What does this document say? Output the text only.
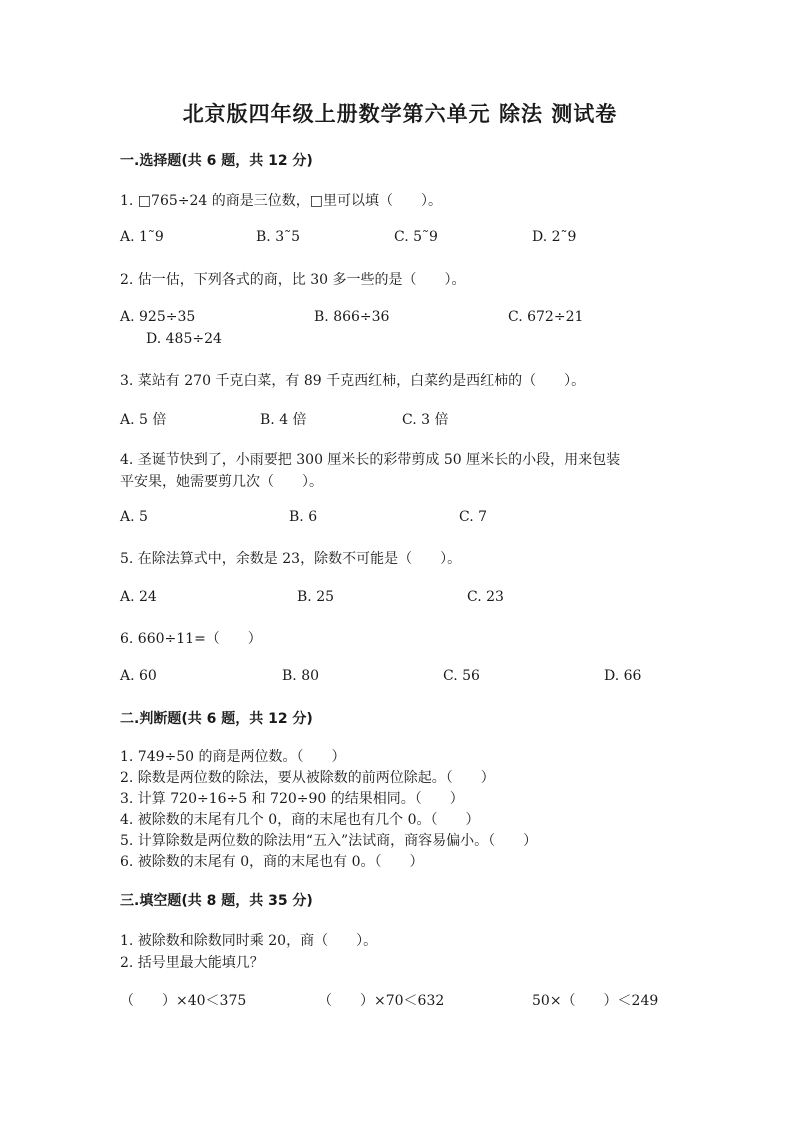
北京版四年级上册数学第六单元 除法 测试卷
一.选择题(共 6 题，共 12 分)
1. □765÷24 的商是三位数，□里可以填（　　）。
A. 1˜9	B. 3˜5	C. 5˜9	D. 2˜9
2. 估一估，下列各式的商，比 30 多一些的是（　　）。
A. 925÷35	B. 866÷36	C. 672÷21
D. 485÷24
3. 菜站有 270 千克白菜，有 89 千克西红柿，白菜约是西红柿的（　　）。
A. 5 倍	B. 4 倍	C. 3 倍
4. 圣诞节快到了，小雨要把 300 厘米长的彩带剪成 50 厘米长的小段，用来包装
平安果，她需要剪几次（　　）。
A. 5	B. 6	C. 7
5. 在除法算式中，余数是 23，除数不可能是（　　）。
A. 24	B. 25	C. 23
6. 660÷11=（　　）
A. 60	B. 80	C. 56	D. 66
二.判断题(共 6 题，共 12 分)
1. 749÷50 的商是两位数。（　　）
2. 除数是两位数的除法，要从被除数的前两位除起。（　　）
3. 计算 720÷16÷5 和 720÷90 的结果相同。（　　）
4. 被除数的末尾有几个 0，商的末尾也有几个 0。（　　）
5. 计算除数是两位数的除法用“五入”法试商，商容易偏小。（　　）
6. 被除数的末尾有 0，商的末尾也有 0。（　　）
三.填空题(共 8 题，共 35 分)
1. 被除数和除数同时乘 20，商（　　）。
2. 括号里最大能填几？
（　　）×40＜375	（　　）×70＜632	50×（　　）＜249
